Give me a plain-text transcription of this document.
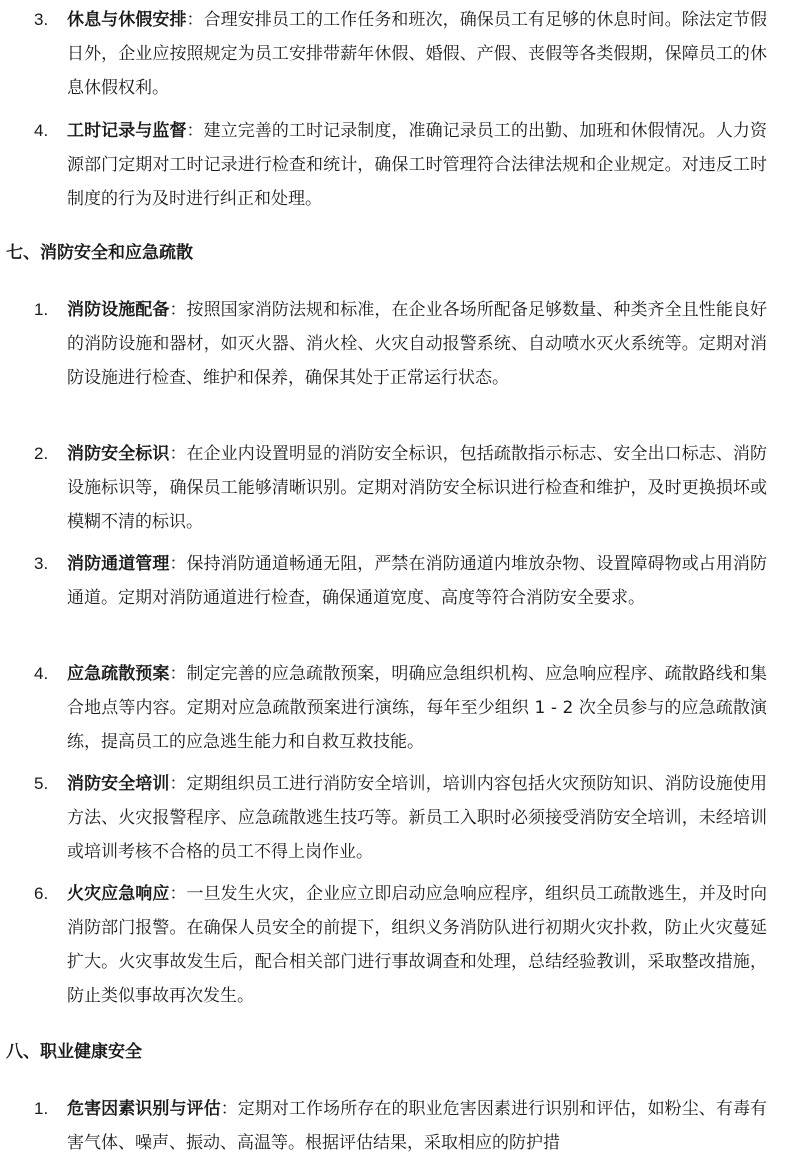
3. 休息与休假安排：合理安排员工的工作任务和班次，确保员工有足够的休息时间。除法定节假日外，企业应按照规定为员工安排带薪年休假、婚假、产假、丧假等各类假期，保障员工的休息休假权利。

4. 工时记录与监督：建立完善的工时记录制度，准确记录员工的出勤、加班和休假情况。人力资源部门定期对工时记录进行检查和统计，确保工时管理符合法律法规和企业规定。对违反工时制度的行为及时进行纠正和处理。

七、消防安全和应急疏散
1. 消防设施配备：按照国家消防法规和标准，在企业各场所配备足够数量、种类齐全且性能良好的消防设施和器材，如灭火器、消火栓、火灾自动报警系统、自动喷水灭火系统等。定期对消防设施进行检查、维护和保养，确保其处于正常运行状态。

2. 消防安全标识：在企业内设置明显的消防安全标识，包括疏散指示标志、安全出口标志、消防设施标识等，确保员工能够清晰识别。定期对消防安全标识进行检查和维护，及时更换损坏或模糊不清的标识。

3. 消防通道管理：保持消防通道畅通无阻，严禁在消防通道内堆放杂物、设置障碍物或占用消防通道。定期对消防通道进行检查，确保通道宽度、高度等符合消防安全要求。

4. 应急疏散预案：制定完善的应急疏散预案，明确应急组织机构、应急响应程序、疏散路线和集合地点等内容。定期对应急疏散预案进行演练，每年至少组织 1 - 2 次全员参与的应急疏散演练，提高员工的应急逃生能力和自救互救技能。

5. 消防安全培训：定期组织员工进行消防安全培训，培训内容包括火灾预防知识、消防设施使用方法、火灾报警程序、应急疏散逃生技巧等。新员工入职时必须接受消防安全培训，未经培训或培训考核不合格的员工不得上岗作业。

6. 火灾应急响应：一旦发生火灾，企业应立即启动应急响应程序，组织员工疏散逃生，并及时向消防部门报警。在确保人员安全的前提下，组织义务消防队进行初期火灾扑救，防止火灾蔓延扩大。火灾事故发生后，配合相关部门进行事故调查和处理，总结经验教训，采取整改措施，防止类似事故再次发生。

八、职业健康安全
1. 危害因素识别与评估：定期对工作场所存在的职业危害因素进行识别和评估，如粉尘、有毒有害气体、噪声、振动、高温等。根据评估结果，采取相应的防护措
